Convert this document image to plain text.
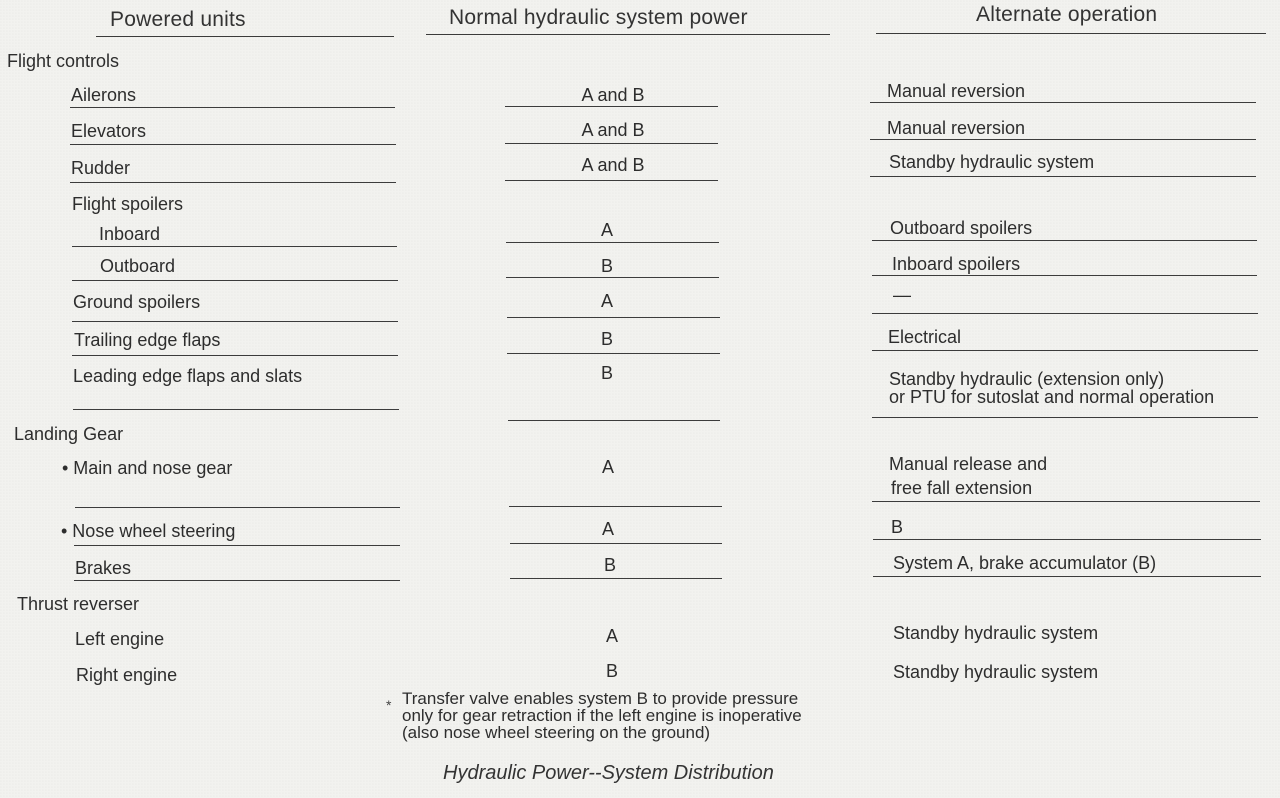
Powered units	Normal hydraulic system power	Alternate operation
Flight controls
Ailerons	A and B	Manual reversion
Elevators	A and B	Manual reversion
Rudder	A and B	Standby hydraulic system
Flight spoilers
Inboard	A	Outboard spoilers
Outboard	B	Inboard spoilers
Ground spoilers	A	—
Trailing edge flaps	B	Electrical
Leading edge flaps and slats	B	Standby hydraulic (extension only)
or PTU for sutoslat and normal operation
Landing Gear
• Main and nose gear	A	Manual release and
free fall extension
• Nose wheel steering	A	B
Brakes	B	System A, brake accumulator (B)
Thrust reverser
Left engine	A	Standby hydraulic system
Right engine	B	Standby hydraulic system
* Transfer valve enables system B to provide pressure
only for gear retraction if the left engine is inoperative
(also nose wheel steering on the ground)
Hydraulic Power--System Distribution
